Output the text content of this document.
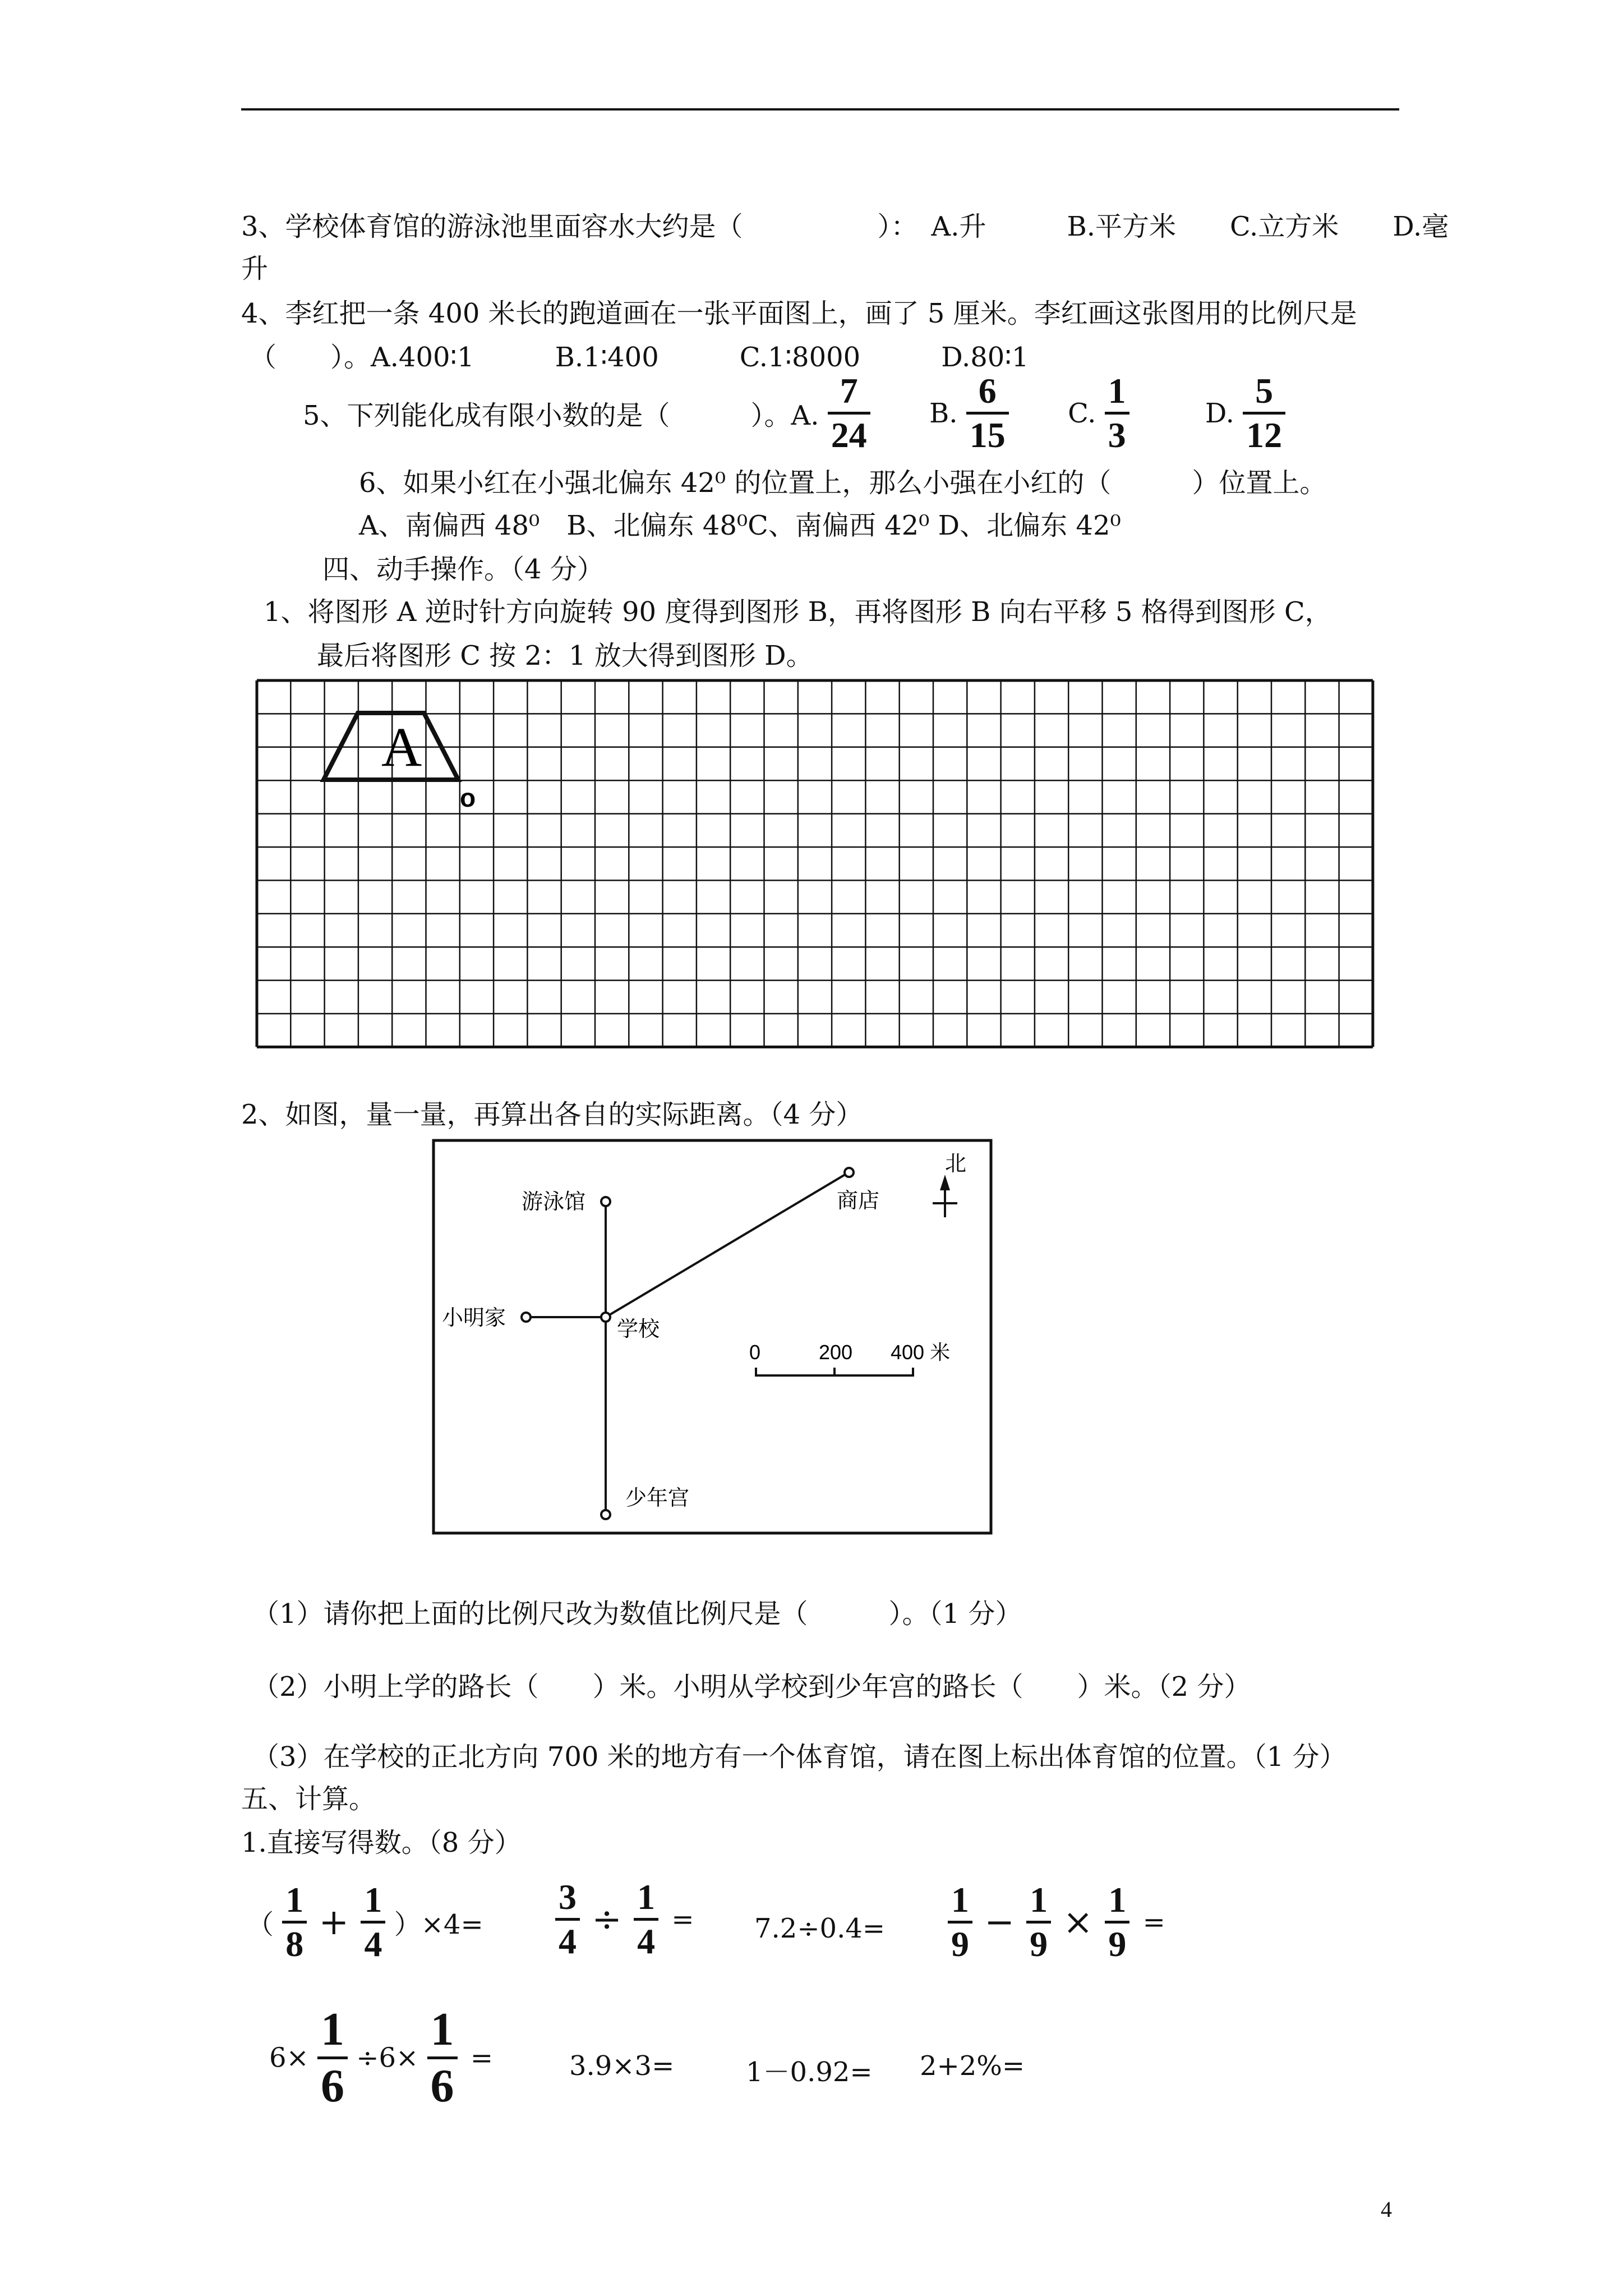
3、学校体育馆的游泳池里面容水大约是（　　　　　）：　A.升　　　B.平方米　　C.立方米　　D.毫
升
4、李红把一条 400 米长的跑道画在一张平面图上，画了 5 厘米。李红画这张图用的比例尺是
（　　）。A.400∶1　　　B.1∶400　　　C.1∶8000　　　D.80∶1
5、下列能化成有限小数的是（　　　）。A. $\frac{7}{24} B$. $\frac{6}{15} C$. $\frac{1}{3}$	D. $\frac{5}{12}$
6、如果小红在小强北偏东 42⁰ 的位置上，那么小强在小红的（　　　）位置上。
A、南偏西 48⁰　B、北偏东 48⁰C、南偏西 42⁰ D、北偏东 42⁰
四、动手操作。（4 分）
1、将图形 A 逆时针方向旋转 90 度得到图形 B，再将图形 B 向右平移 5 格得到图形 C，
最后将图形 C 按 2：1 放大得到图形 D。
A
o
2、如图，量一量，再算出各自的实际距离。（4 分）
游泳馆	商店
北
小明家	学校
少年宫
0	200 400 米
（1）请你把上面的比例尺改为数值比例尺是（　　　）。（1 分）
（2）小明上学的路长（　　）米。小明从学校到少年宫的路长（　　）米。（2 分）
（3）在学校的正北方向 700 米的地方有一个体育馆，请在图上标出体育馆的位置。（1 分）
五、计算。
1.直接写得数。（8 分）
（ $\frac{1}{8} + \frac{1}{4} )\times 4= \frac{3}{4} \div \frac{1}{4} = 7.2\div 0.4= \frac{1}{9} - \frac{1}{9} \times \frac{1}{9}$ =
$6\times \frac{1}{6} \div 6\times \frac{1}{6}$ =	3.9×3=	1－0.92= 2+2%=
4
